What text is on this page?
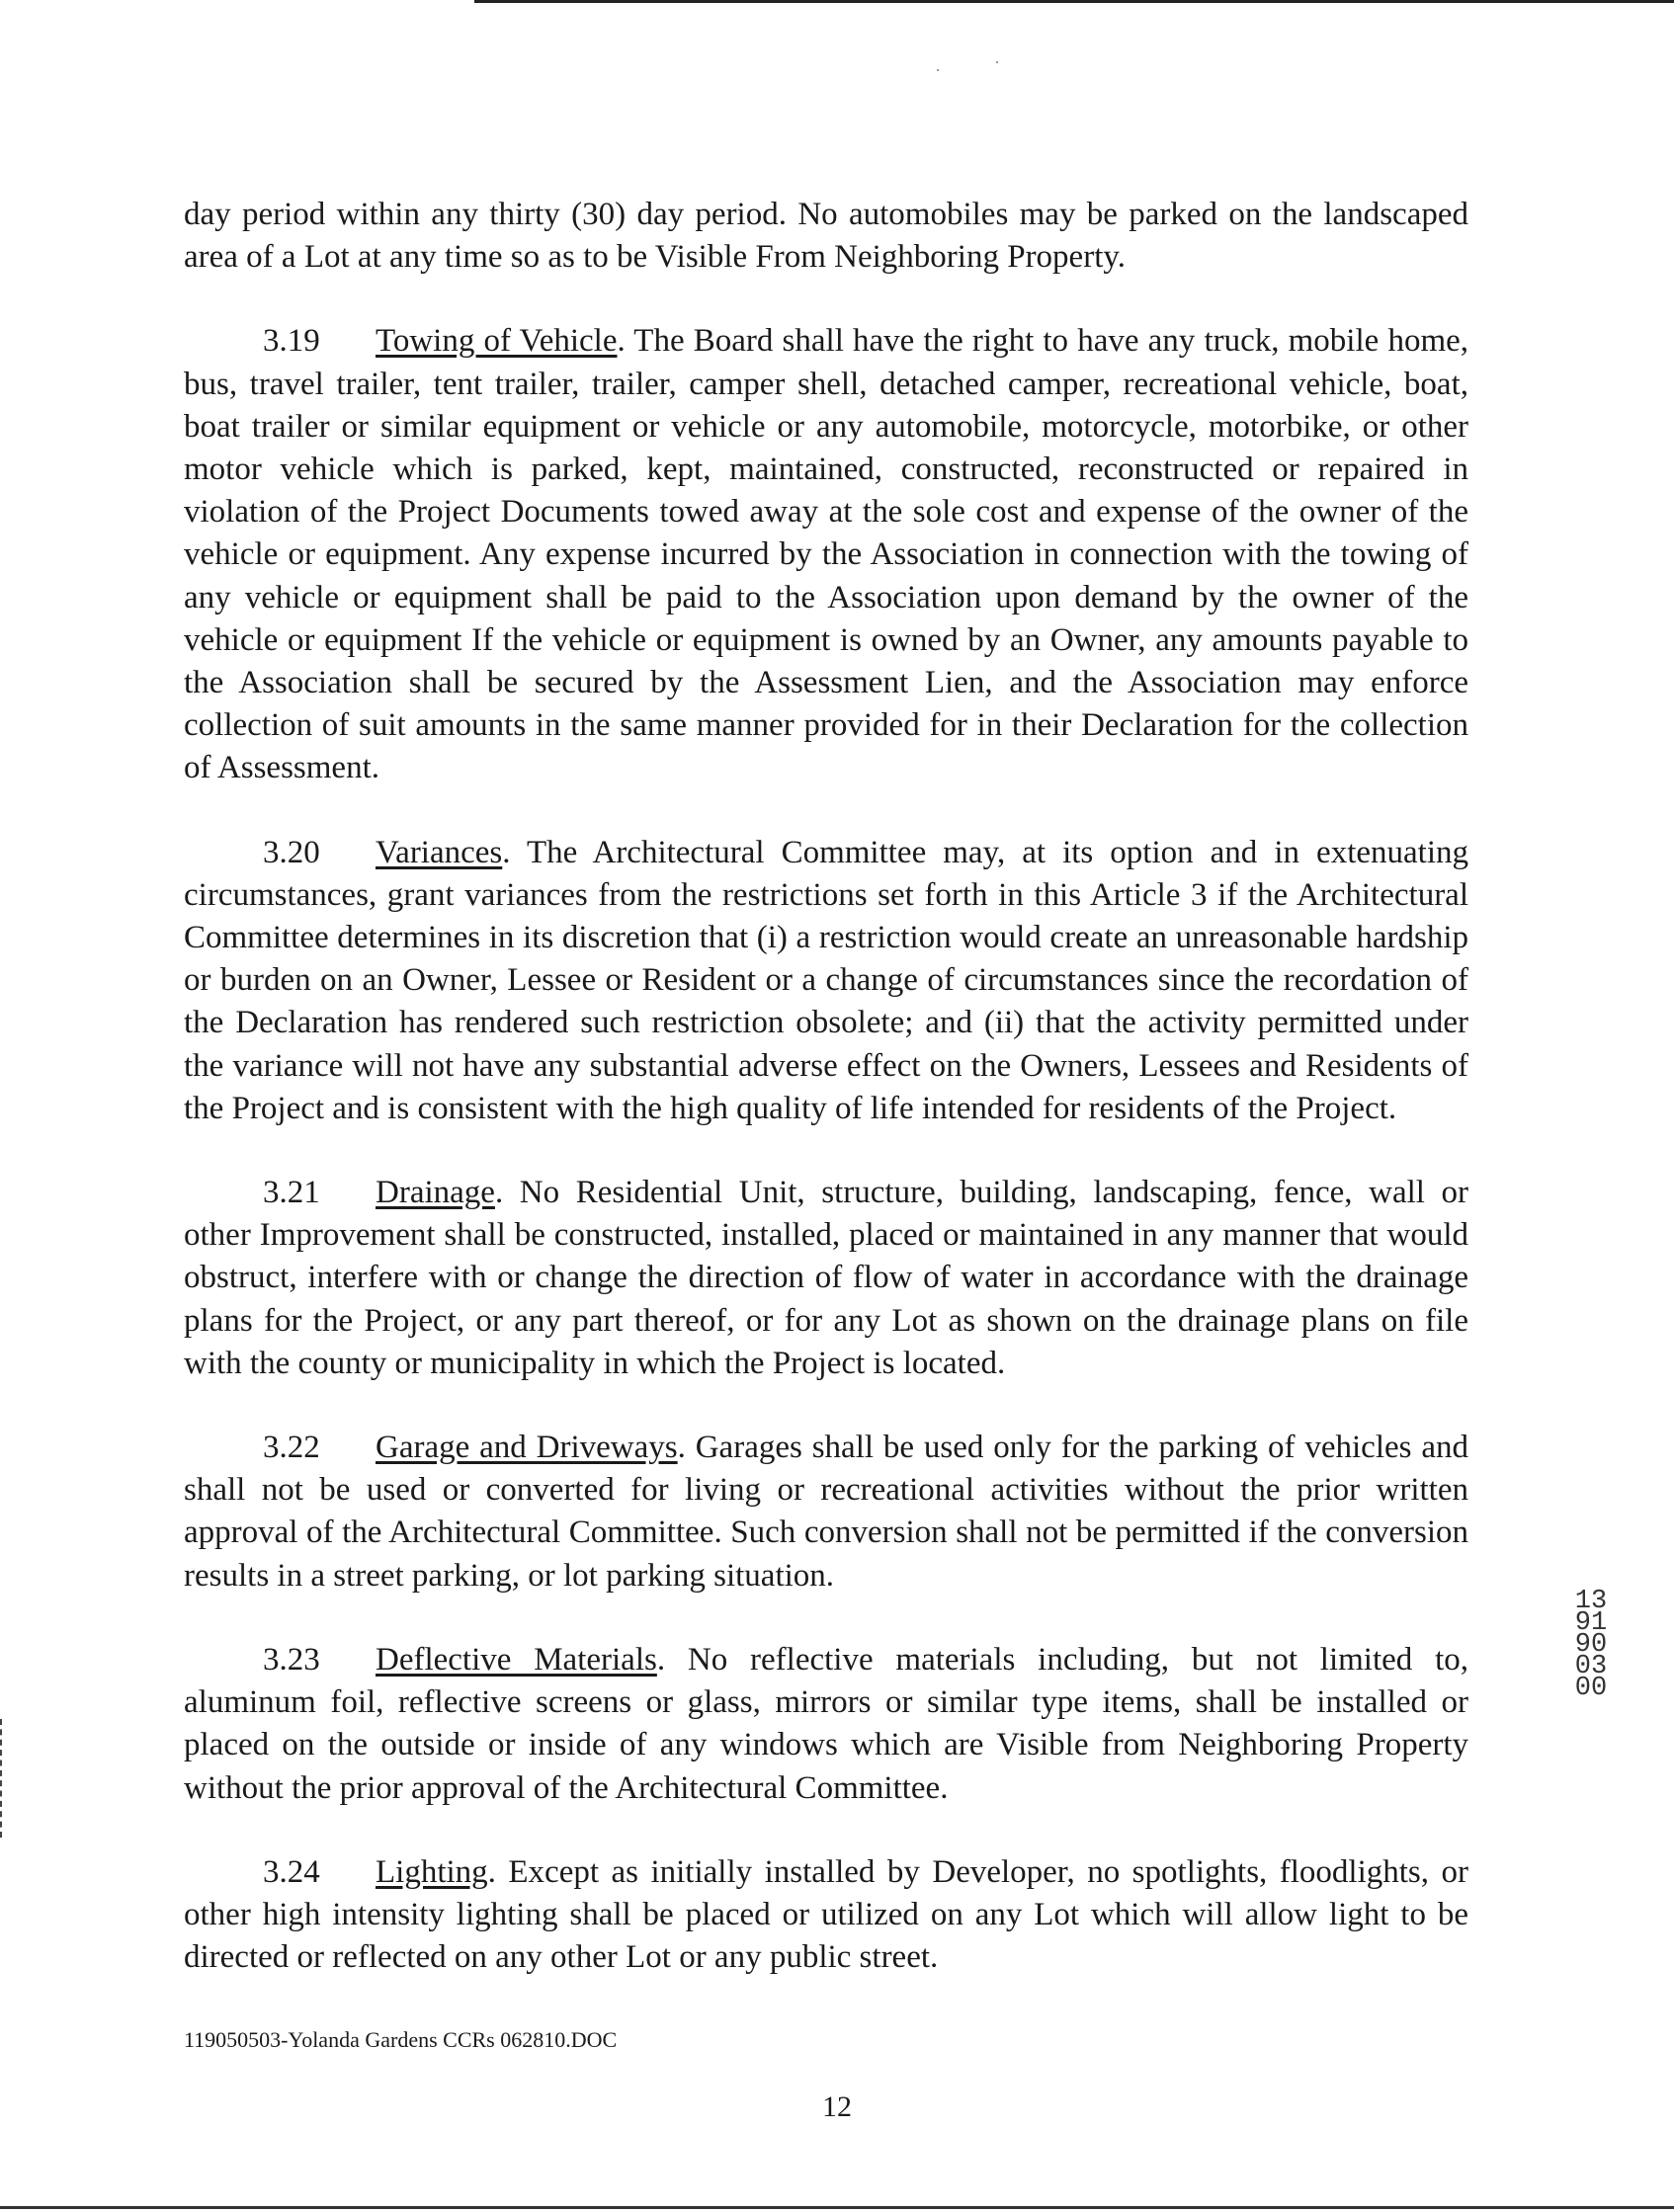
day period within any thirty (30) day period. No automobiles may be parked on the landscaped area of a Lot at any time so as to be Visible From Neighboring Property.

3.19 Towing of Vehicle. The Board shall have the right to have any truck, mobile home, bus, travel trailer, tent trailer, trailer, camper shell, detached camper, recreational vehicle, boat, boat trailer or similar equipment or vehicle or any automobile, motorcycle, motorbike, or other motor vehicle which is parked, kept, maintained, constructed, reconstructed or repaired in violation of the Project Documents towed away at the sole cost and expense of the owner of the vehicle or equipment. Any expense incurred by the Association in connection with the towing of any vehicle or equipment shall be paid to the Association upon demand by the owner of the vehicle or equipment If the vehicle or equipment is owned by an Owner, any amounts payable to the Association shall be secured by the Assessment Lien, and the Association may enforce collection of suit amounts in the same manner provided for in their Declaration for the collection of Assessment.

3.20 Variances. The Architectural Committee may, at its option and in extenuating circumstances, grant variances from the restrictions set forth in this Article 3 if the Architectural Committee determines in its discretion that (i) a restriction would create an unreasonable hardship or burden on an Owner, Lessee or Resident or a change of circumstances since the recordation of the Declaration has rendered such restriction obsolete; and (ii) that the activity permitted under the variance will not have any substantial adverse effect on the Owners, Lessees and Residents of the Project and is consistent with the high quality of life intended for residents of the Project.

3.21 Drainage. No Residential Unit, structure, building, landscaping, fence, wall or other Improvement shall be constructed, installed, placed or maintained in any manner that would obstruct, interfere with or change the direction of flow of water in accordance with the drainage plans for the Project, or any part thereof, or for any Lot as shown on the drainage plans on file with the county or municipality in which the Project is located.

3.22 Garage and Driveways. Garages shall be used only for the parking of vehicles and shall not be used or converted for living or recreational activities without the prior written approval of the Architectural Committee. Such conversion shall not be permitted if the conversion results in a street parking, or lot parking situation.

3.23 Deflective Materials. No reflective materials including, but not limited to, aluminum foil, reflective screens or glass, mirrors or similar type items, shall be installed or placed on the outside or inside of any windows which are Visible from Neighboring Property without the prior approval of the Architectural Committee.

3.24 Lighting. Except as initially installed by Developer, no spotlights, floodlights, or other high intensity lighting shall be placed or utilized on any Lot which will allow light to be directed or reflected on any other Lot or any public street.

1391900300
119050503-Yolanda Gardens CCRs 062810.DOC
12
